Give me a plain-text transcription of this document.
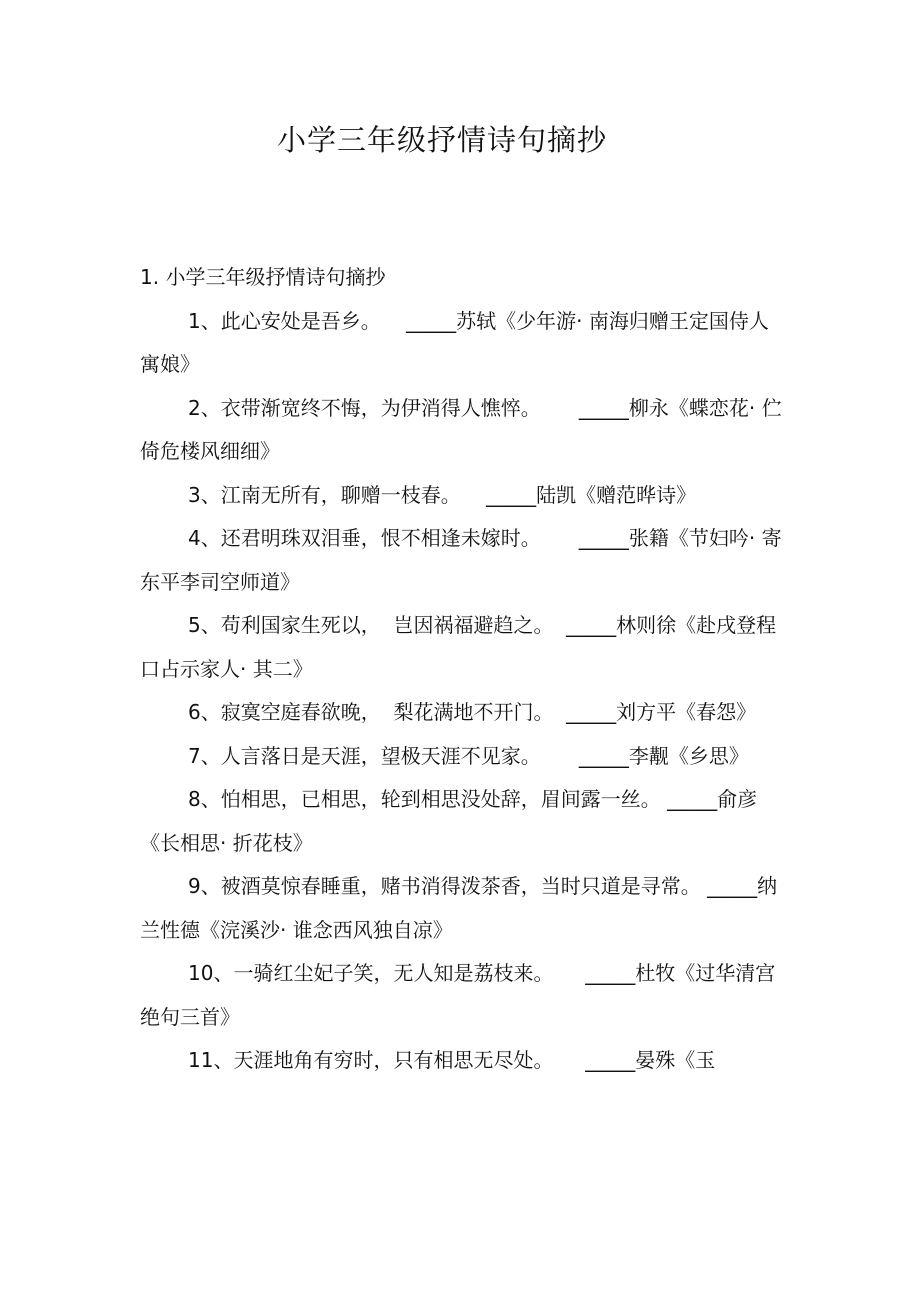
小学三年级抒情诗句摘抄

1. 小学三年级抒情诗句摘抄

1、此心安处是吾乡。    _____苏轼《少年游· 南海归赠王定国侍人寓娘》

2、衣带渐宽终不悔，为伊消得人憔悴。      _____柳永《蝶恋花· 伫倚危楼风细细》

3、江南无所有，聊赠一枝春。    _____陆凯《赠范晔诗》

4、还君明珠双泪垂，恨不相逢未嫁时。      _____张籍《节妇吟· 寄东平李司空师道》

5、苟利国家生死以，  岂因祸福避趋之。  _____林则徐《赴戌登程口占示家人· 其二》

6、寂寞空庭春欲晚，  梨花满地不开门。  _____刘方平《春怨》

7、人言落日是天涯，望极天涯不见家。      _____李觏《乡思》

8、怕相思，已相思，轮到相思没处辞，眉间露一丝。 _____俞彦《长相思· 折花枝》

9、被酒莫惊春睡重，赌书消得泼茶香，当时只道是寻常。 _____纳兰性德《浣溪沙· 谁念西风独自凉》

10、一骑红尘妃子笑，无人知是荔枝来。     _____杜牧《过华清宫绝句三首》

11、天涯地角有穷时，只有相思无尽处。     _____晏殊《玉
